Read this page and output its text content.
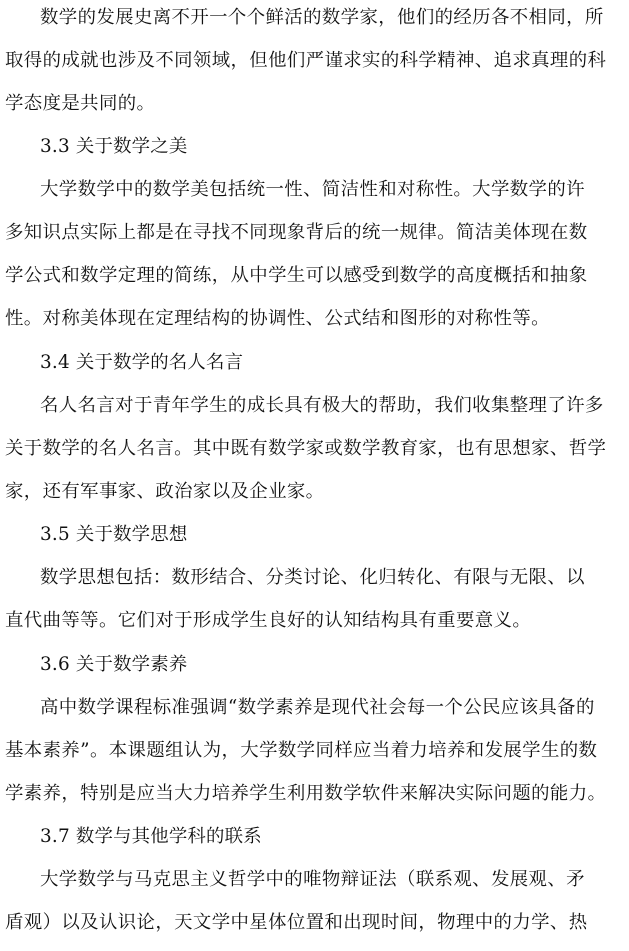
数学的发展史离不开一个个鲜活的数学家，他们的经历各不相同，所
取得的成就也涉及不同领域，但他们严谨求实的科学精神、追求真理的科
学态度是共同的。
3.3 关于数学之美
大学数学中的数学美包括统一性、简洁性和对称性。大学数学的许
多知识点实际上都是在寻找不同现象背后的统一规律。简洁美体现在数
学公式和数学定理的简练，从中学生可以感受到数学的高度概括和抽象
性。对称美体现在定理结构的协调性、公式结和图形的对称性等。
3.4 关于数学的名人名言
名人名言对于青年学生的成长具有极大的帮助，我们收集整理了许多
关于数学的名人名言。其中既有数学家或数学教育家，也有思想家、哲学
家，还有军事家、政治家以及企业家。
3.5 关于数学思想
数学思想包括：数形结合、分类讨论、化归转化、有限与无限、以
直代曲等等。它们对于形成学生良好的认知结构具有重要意义。
3.6 关于数学素养
高中数学课程标准强调“数学素养是现代社会每一个公民应该具备的
基本素养”。本课题组认为，大学数学同样应当着力培养和发展学生的数
学素养，特别是应当大力培养学生利用数学软件来解决实际问题的能力。
3.7 数学与其他学科的联系
大学数学与马克思主义哲学中的唯物辩证法（联系观、发展观、矛
盾观）以及认识论，天文学中星体位置和出现时间，物理中的力学、热
